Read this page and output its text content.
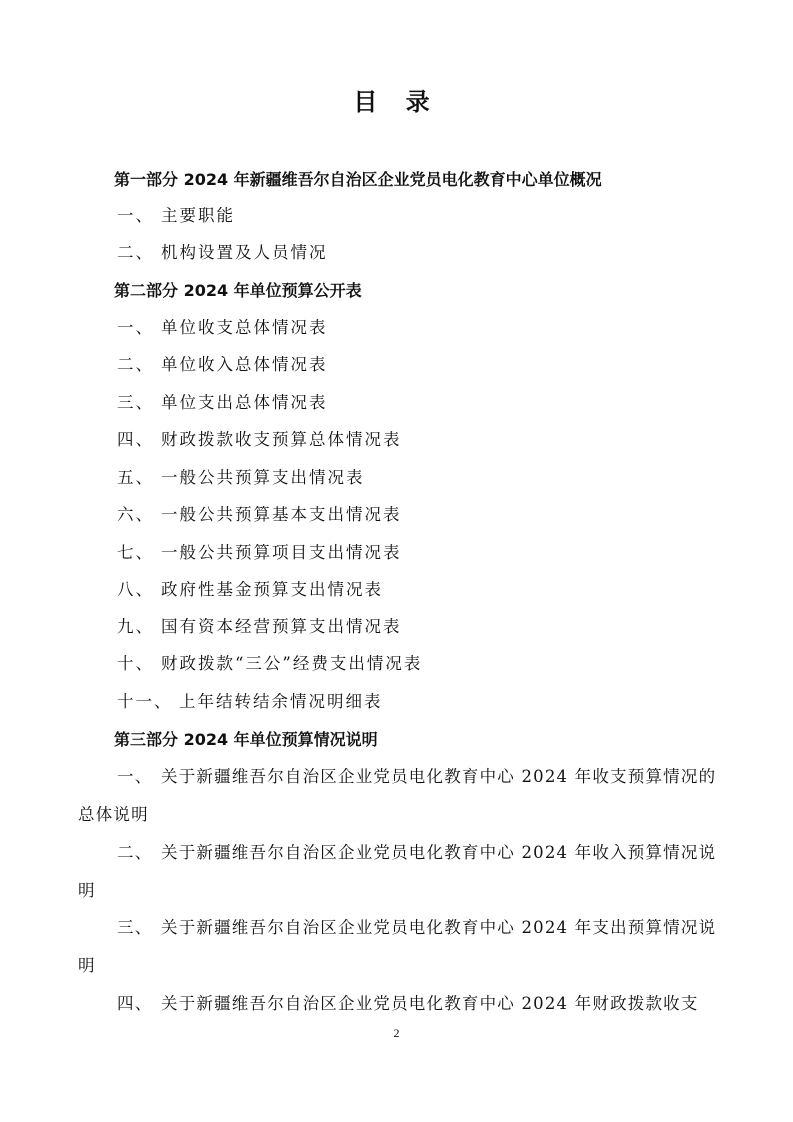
目 录
第一部分 2024 年新疆维吾尔自治区企业党员电化教育中心单位概况
一、 主要职能
二、 机构设置及人员情况
第二部分 2024 年单位预算公开表
一、 单位收支总体情况表
二、 单位收入总体情况表
三、 单位支出总体情况表
四、 财政拨款收支预算总体情况表
五、 一般公共预算支出情况表
六、 一般公共预算基本支出情况表
七、 一般公共预算项目支出情况表
八、 政府性基金预算支出情况表
九、 国有资本经营预算支出情况表
十、 财政拨款“三公”经费支出情况表
十一、 上年结转结余情况明细表
第三部分 2024 年单位预算情况说明
一、 关于新疆维吾尔自治区企业党员电化教育中心 2024 年收支预算情况的总体说明
二、 关于新疆维吾尔自治区企业党员电化教育中心 2024 年收入预算情况说明
三、 关于新疆维吾尔自治区企业党员电化教育中心 2024 年支出预算情况说明
四、 关于新疆维吾尔自治区企业党员电化教育中心 2024 年财政拨款收支
2
